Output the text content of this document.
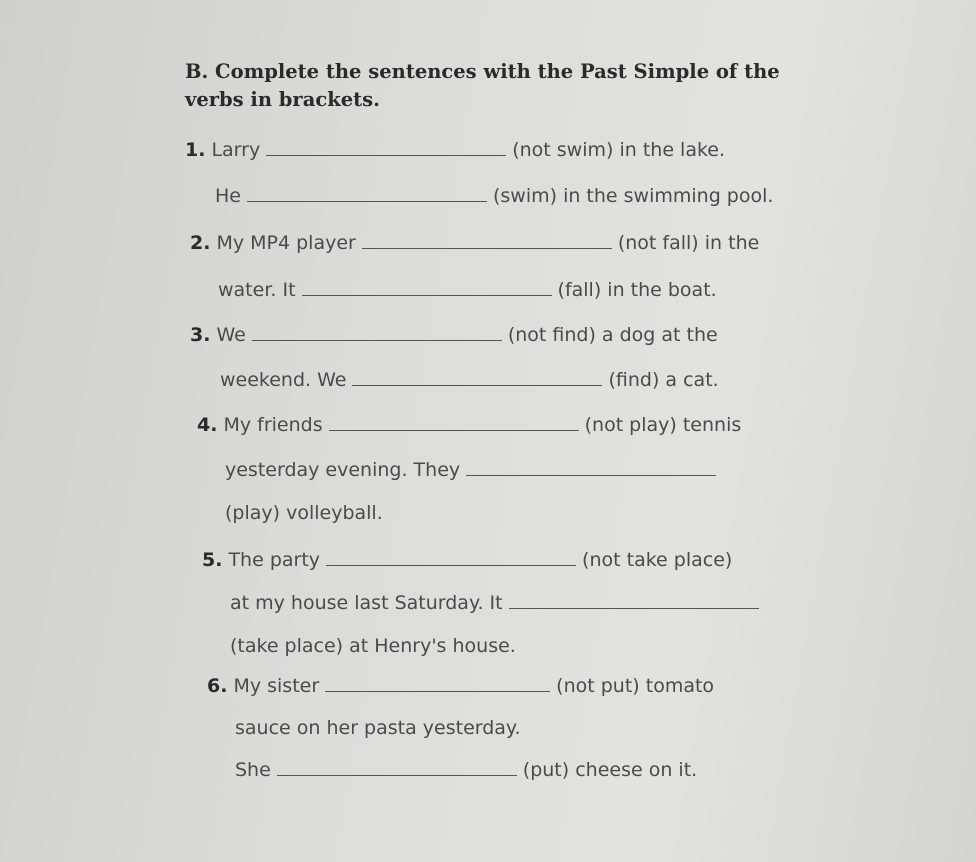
B. Complete the sentences with the Past Simple of the verbs in brackets.
1. Larry	(not swim) in the lake.
He	(swim) in the swimming pool.
2. My MP4 player	(not fall) in the
water. It	(fall) in the boat.
3. We	(not find) a dog at the
weekend. We	(find) a cat.
4. My friends	(not play) tennis
yesterday evening. They
(play) volleyball.
5. The party	(not take place)
at my house last Saturday. It
(take place) at Henry's house.
6. My sister	(not put) tomato
sauce on her pasta yesterday.
She	(put) cheese on it.
